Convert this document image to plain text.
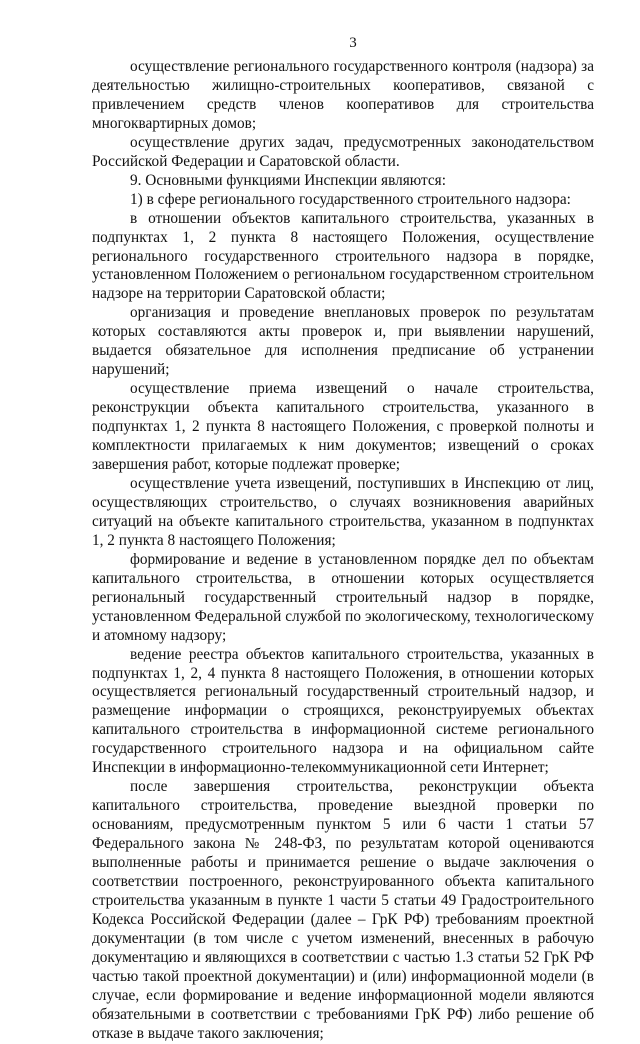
3

осуществление регионального государственного контроля (надзора) за деятельностью жилищно-строительных кооперативов, связаной с привлечением средств членов кооперативов для строительства многоквартирных домов;

осуществление других задач, предусмотренных законодательством Российской Федерации и Саратовской области.

9. Основными функциями Инспекции являются:

1) в сфере регионального государственного строительного надзора:

в отношении объектов капитального строительства, указанных в подпунктах 1, 2 пункта 8 настоящего Положения, осуществление регионального государственного строительного надзора в порядке, установленном Положением о региональном государственном строительном надзоре на территории Саратовской области;

организация и проведение внеплановых проверок по результатам которых составляются акты проверок и, при выявлении нарушений, выдается обязательное для исполнения предписание об устранении нарушений;

осуществление приема извещений о начале строительства, реконструкции объекта капитального строительства, указанного в подпунктах 1, 2 пункта 8 настоящего Положения, с проверкой полноты и комплектности прилагаемых к ним документов; извещений о сроках завершения работ, которые подлежат проверке;

осуществление учета извещений, поступивших в Инспекцию от лиц, осуществляющих строительство, о случаях возникновения аварийных ситуаций на объекте капитального строительства, указанном в подпунктах 1, 2 пункта 8 настоящего Положения;

формирование и ведение в установленном порядке дел по объектам капитального строительства, в отношении которых осуществляется региональный государственный строительный надзор в порядке, установленном Федеральной службой по экологическому, технологическому и атомному надзору;

ведение реестра объектов капитального строительства, указанных в подпунктах 1, 2, 4 пункта 8 настоящего Положения, в отношении которых осуществляется региональный государственный строительный надзор, и размещение информации о строящихся, реконструируемых объектах капитального строительства в информационной системе регионального государственного строительного надзора и на официальном сайте Инспекции в информационно-телекоммуникационной сети Интернет;

после завершения строительства, реконструкции объекта капитального строительства, проведение выездной проверки по основаниям, предусмотренным пунктом 5 или 6 части 1 статьи 57 Федерального закона № 248-ФЗ, по результатам которой оцениваются выполненные работы и принимается решение о выдаче заключения о соответствии построенного, реконструированного объекта капитального строительства указанным в пункте 1 части 5 статьи 49 Градостроительного Кодекса Российской Федерации (далее – ГрК РФ) требованиям проектной документации (в том числе с учетом изменений, внесенных в рабочую документацию и являющихся в соответствии с частью 1.3 статьи 52 ГрК РФ частью такой проектной документации) и (или) информационной модели (в случае, если формирование и ведение информационной модели являются обязательными в соответствии с требованиями ГрК РФ) либо решение об отказе в выдаче такого заключения;
